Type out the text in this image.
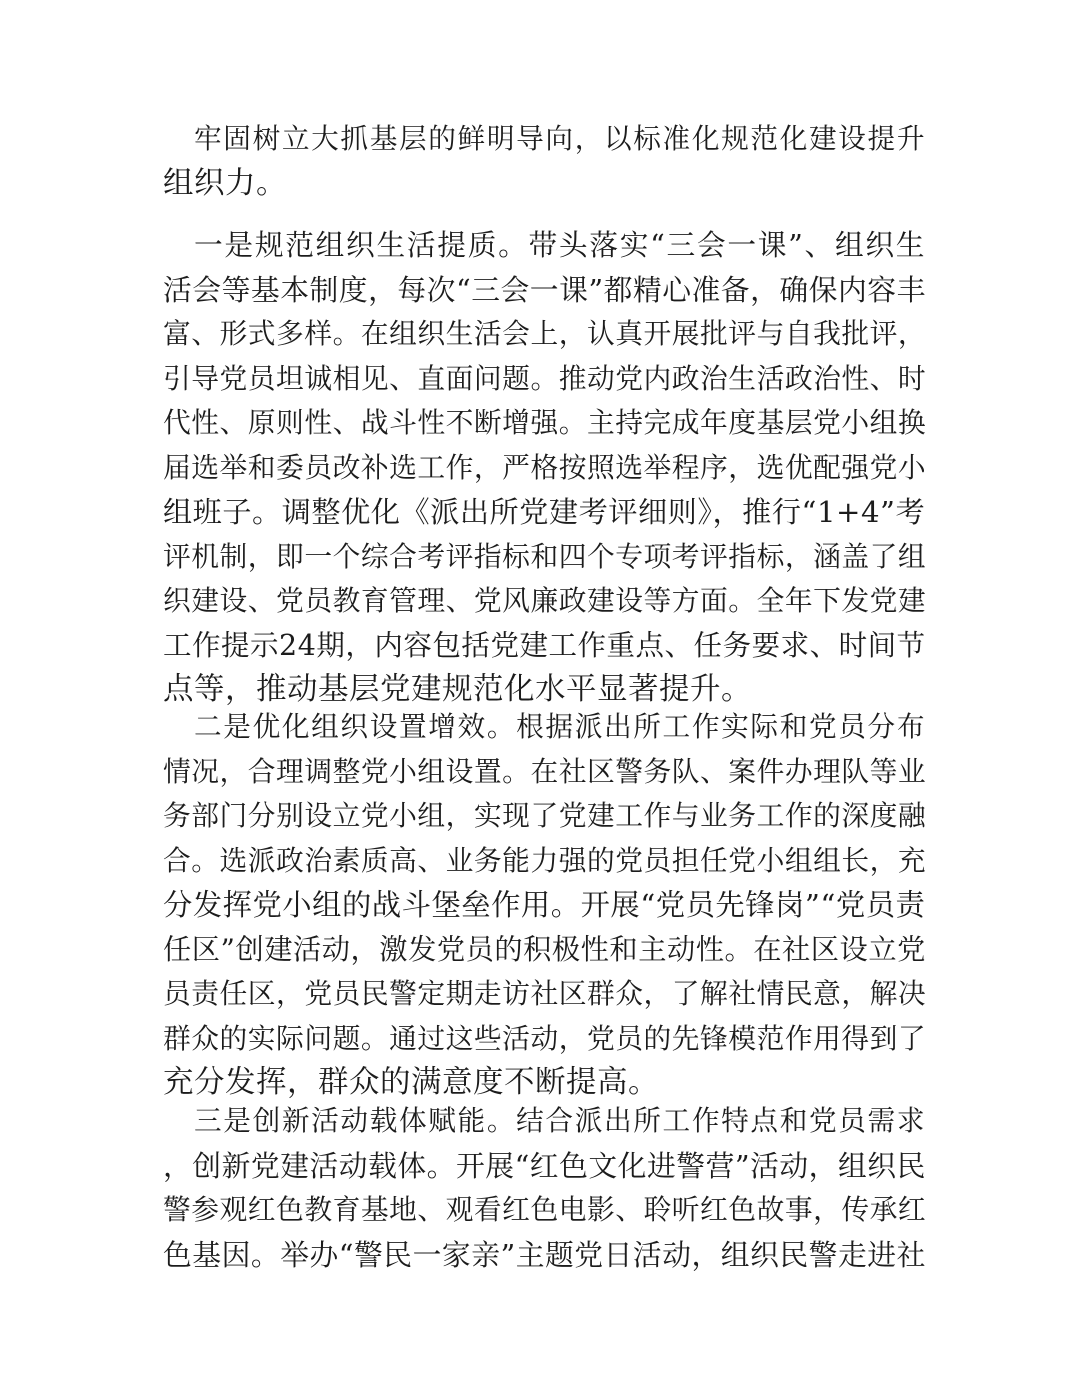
牢固树立大抓基层的鲜明导向，以标准化规范化建设提升
组织力。
一是规范组织生活提质。带头落实“三会一课”、组织生
活会等基本制度，每次“三会一课”都精心准备，确保内容丰
富、形式多样。在组织生活会上，认真开展批评与自我批评，
引导党员坦诚相见、直面问题。推动党内政治生活政治性、时
代性、原则性、战斗性不断增强。主持完成年度基层党小组换
届选举和委员改补选工作，严格按照选举程序，选优配强党小
组班子。调整优化《派出所党建考评细则》，推行“1+4”考
评机制，即一个综合考评指标和四个专项考评指标，涵盖了组
织建设、党员教育管理、党风廉政建设等方面。全年下发党建
工作提示24期，内容包括党建工作重点、任务要求、时间节
点等，推动基层党建规范化水平显著提升。
二是优化组织设置增效。根据派出所工作实际和党员分布
情况，合理调整党小组设置。在社区警务队、案件办理队等业
务部门分别设立党小组，实现了党建工作与业务工作的深度融
合。选派政治素质高、业务能力强的党员担任党小组组长，充
分发挥党小组的战斗堡垒作用。开展“党员先锋岗”“党员责
任区”创建活动，激发党员的积极性和主动性。在社区设立党
员责任区，党员民警定期走访社区群众，了解社情民意，解决
群众的实际问题。通过这些活动，党员的先锋模范作用得到了
充分发挥，群众的满意度不断提高。
三是创新活动载体赋能。结合派出所工作特点和党员需求
，创新党建活动载体。开展“红色文化进警营”活动，组织民
警参观红色教育基地、观看红色电影、聆听红色故事，传承红
色基因。举办“警民一家亲”主题党日活动，组织民警走进社
